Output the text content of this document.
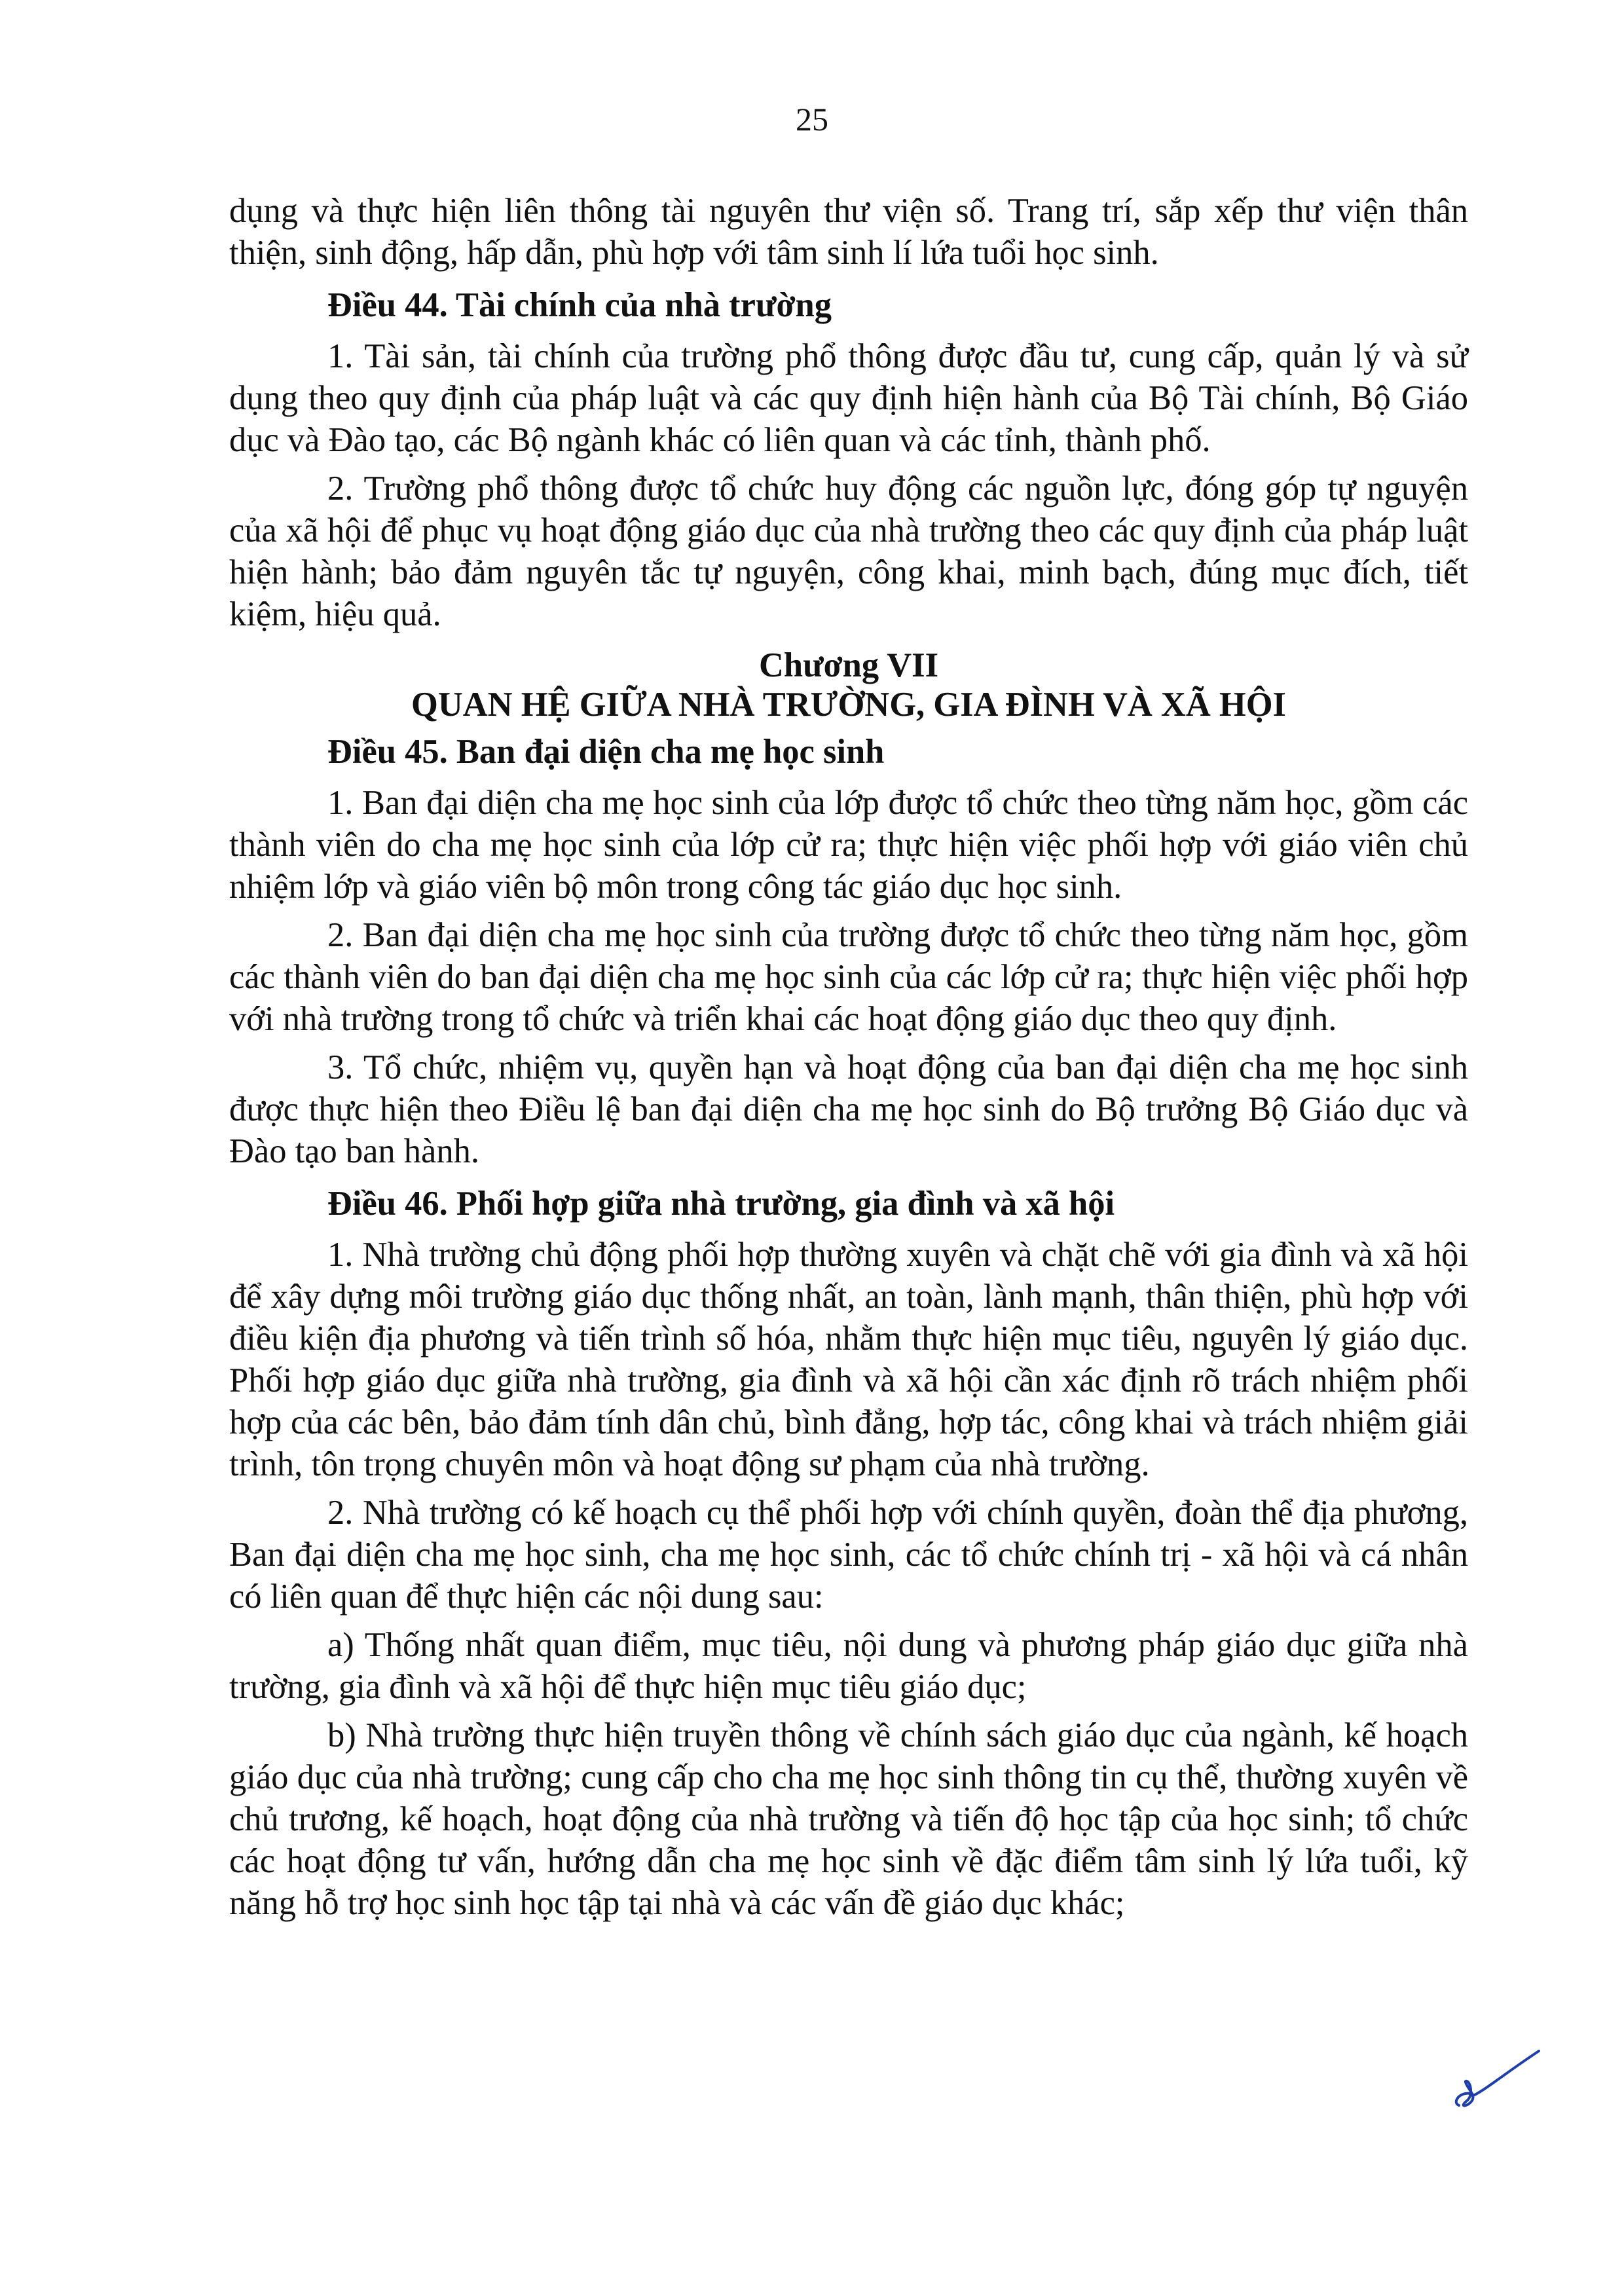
25

dụng và thực hiện liên thông tài nguyên thư viện số. Trang trí, sắp xếp thư viện thân thiện, sinh động, hấp dẫn, phù hợp với tâm sinh lí lứa tuổi học sinh.

Điều 44. Tài chính của nhà trường

1. Tài sản, tài chính của trường phổ thông được đầu tư, cung cấp, quản lý và sử dụng theo quy định của pháp luật và các quy định hiện hành của Bộ Tài chính, Bộ Giáo dục và Đào tạo, các Bộ ngành khác có liên quan và các tỉnh, thành phố.

2. Trường phổ thông được tổ chức huy động các nguồn lực, đóng góp tự nguyện của xã hội để phục vụ hoạt động giáo dục của nhà trường theo các quy định của pháp luật hiện hành; bảo đảm nguyên tắc tự nguyện, công khai, minh bạch, đúng mục đích, tiết kiệm, hiệu quả.

Chương VII
QUAN HỆ GIỮA NHÀ TRƯỜNG, GIA ĐÌNH VÀ XÃ HỘI
Điều 45. Ban đại diện cha mẹ học sinh

1. Ban đại diện cha mẹ học sinh của lớp được tổ chức theo từng năm học, gồm các thành viên do cha mẹ học sinh của lớp cử ra; thực hiện việc phối hợp với giáo viên chủ nhiệm lớp và giáo viên bộ môn trong công tác giáo dục học sinh.

2. Ban đại diện cha mẹ học sinh của trường được tổ chức theo từng năm học, gồm các thành viên do ban đại diện cha mẹ học sinh của các lớp cử ra; thực hiện việc phối hợp với nhà trường trong tổ chức và triển khai các hoạt động giáo dục theo quy định.

3. Tổ chức, nhiệm vụ, quyền hạn và hoạt động của ban đại diện cha mẹ học sinh được thực hiện theo Điều lệ ban đại diện cha mẹ học sinh do Bộ trưởng Bộ Giáo dục và Đào tạo ban hành.

Điều 46. Phối hợp giữa nhà trường, gia đình và xã hội

1. Nhà trường chủ động phối hợp thường xuyên và chặt chẽ với gia đình và xã hội để xây dựng môi trường giáo dục thống nhất, an toàn, lành mạnh, thân thiện, phù hợp với điều kiện địa phương và tiến trình số hóa, nhằm thực hiện mục tiêu, nguyên lý giáo dục. Phối hợp giáo dục giữa nhà trường, gia đình và xã hội cần xác định rõ trách nhiệm phối hợp của các bên, bảo đảm tính dân chủ, bình đẳng, hợp tác, công khai và trách nhiệm giải trình, tôn trọng chuyên môn và hoạt động sư phạm của nhà trường.

2. Nhà trường có kế hoạch cụ thể phối hợp với chính quyền, đoàn thể địa phương, Ban đại diện cha mẹ học sinh, cha mẹ học sinh, các tổ chức chính trị - xã hội và cá nhân có liên quan để thực hiện các nội dung sau:

a) Thống nhất quan điểm, mục tiêu, nội dung và phương pháp giáo dục giữa nhà trường, gia đình và xã hội để thực hiện mục tiêu giáo dục;

b) Nhà trường thực hiện truyền thông về chính sách giáo dục của ngành, kế hoạch giáo dục của nhà trường; cung cấp cho cha mẹ học sinh thông tin cụ thể, thường xuyên về chủ trương, kế hoạch, hoạt động của nhà trường và tiến độ học tập của học sinh; tổ chức các hoạt động tư vấn, hướng dẫn cha mẹ học sinh về đặc điểm tâm sinh lý lứa tuổi, kỹ năng hỗ trợ học sinh học tập tại nhà và các vấn đề giáo dục khác;
